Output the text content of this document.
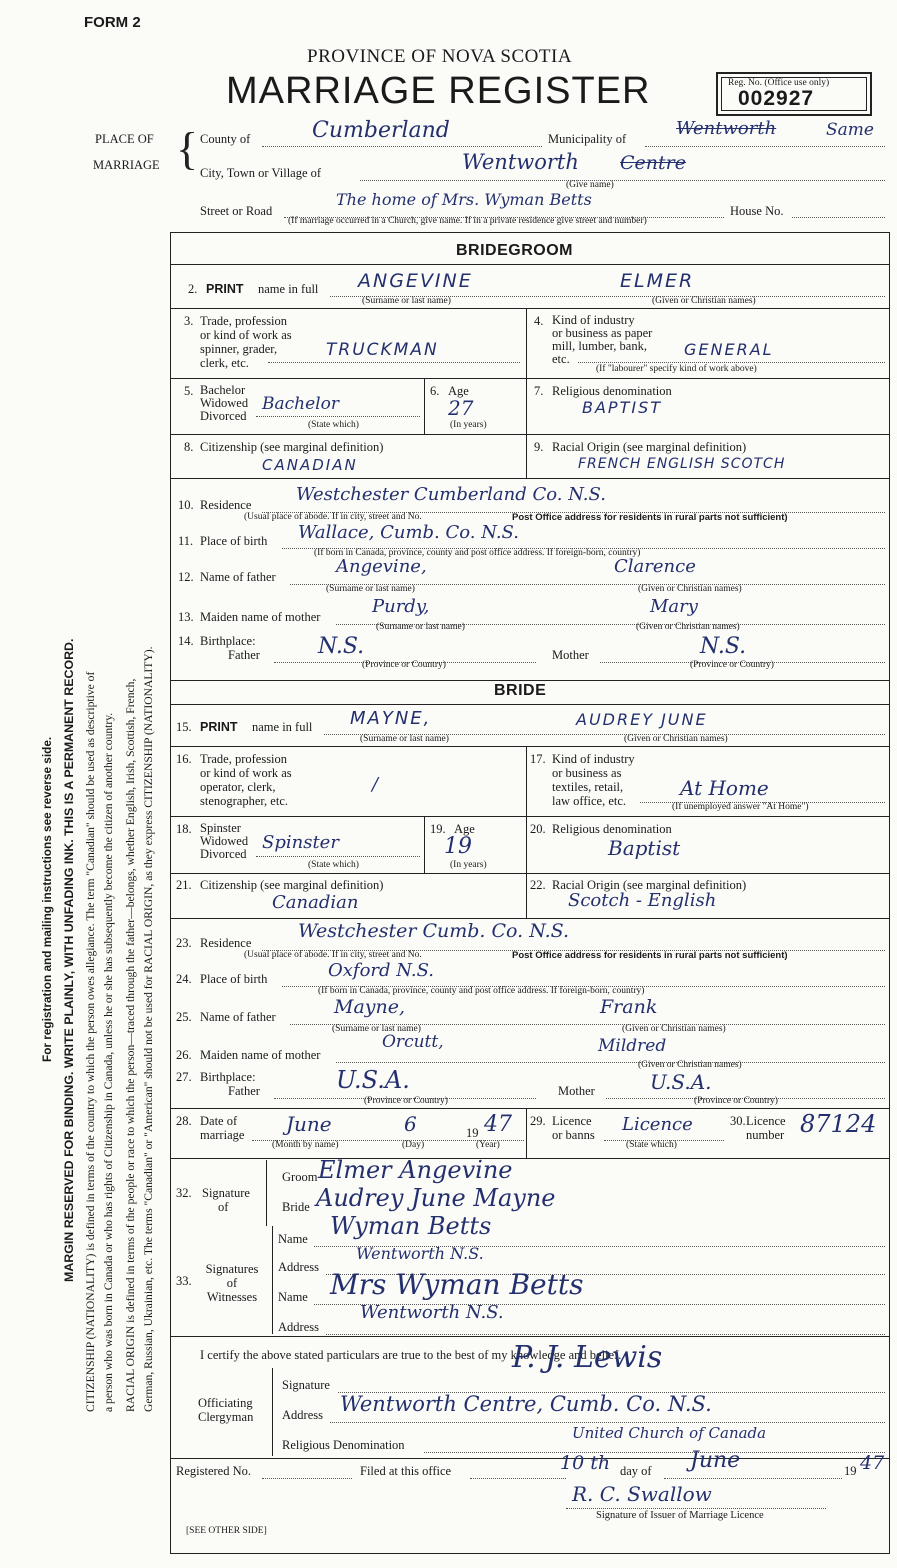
For registration and mailing instructions see reverse side. MARGIN RESERVED FOR BINDING. WRITE PLAINLY, WITH UNFADING INK. THIS IS A PERMANENT RECORD. CITIZENSHIP (NATIONALITY) is defined in terms of the country to which the person owes allegiance. The term "Canadian" should be used as descriptive of a person who was born in Canada or who has rights of Citizenship in Canada, unless he or she has subsequently become the citizen of another country. RACIAL ORIGIN is defined in terms of the people or race to which the person—traced through the father—belongs, whether English, Irish, Scottish, French, German, Russian, Ukrainian, etc. The terms "Canadian" or "American" should not be used for RACIAL ORIGIN, as they express CITIZENSHIP (NATIONALITY).
FORM 2
PROVINCE OF NOVA SCOTIA
MARRIAGE REGISTER	Reg. No. (Office use only)
002927
PLACE OF
MARRIAGE { County of	Cumberland	Municipality of	Wentworth	Same
City, Town or Village of	Wentworth Centre
(Give name)
Street or Road
The home of Mrs. Wyman Betts
House No.
(If marriage occurred in a Church, give name. If in a private residence give street and number)
BRIDEGROOM
2. PRINT name in full ANGEVINE	ELMER
(Surname or last name)	(Given or Christian names)
3. Trade, profession
or kind of work as
spinner, grader,
clerk, etc.
TRUCKMAN
4. Kind of industry
or business as paper
mill, lumber, bank,
etc.	GENERAL
(If "labourer" specify kind of work above)
5. Bachelor
Widowed
Divorced
Bachelor
(State which)
6. Age
27
(In years)
7. Religious denomination
BAPTIST
8. Citizenship (see marginal definition)
CANADIAN
9. Racial Origin (see marginal definition)
FRENCH ENGLISH SCOTCH
10. Residence Westchester Cumberland Co. N.S.
(Usual place of abode. If in city, street and No.	Post Office address for residents in rural parts not sufficient)
11. Place of birth Wallace, Cumb. Co. N.S.
(If born in Canada, province, county and post office address. If foreign-born, country)
12. Name of father	Angevine,	Clarence
(Surname or last name)	(Given or Christian names)
13. Maiden name of mother	Purdy,	Mary
(Surname or last name)	(Given or Christian names)
14. Birthplace:
Father	N.S.	Mother	N.S.
(Province or Country)	(Province or Country)
BRIDE
15. PRINT name in full MAYNE,	AUDREY JUNE
(Surname or last name)	(Given or Christian names)
16. Trade, profession
or kind of work as
operator, clerk,
stenographer, etc.
/
17. Kind of industry
or business as
textiles, retail,
law office, etc.
At Home
(If unemployed answer "At Home")
18. Spinster
Widowed
Divorced
Spinster
(State which)
19. Age
19
(In years)
20. Religious denomination
Baptist
21. Citizenship (see marginal definition)
Canadian
22. Racial Origin (see marginal definition)
Scotch - English
23. Residence
Westchester Cumb. Co. N.S.
(Usual place of abode. If in city, street and No.	Post Office address for residents in rural parts not sufficient)
24. Place of birth	Oxford N.S.
(If born in Canada, province, county and post office address. If foreign-born, country)
25. Name of father	Mayne,	Frank
(Surname or last name)	(Given or Christian names)
26. Maiden name of mother
Orcutt,	Mildred
(Given or Christian names)
27. Birthplace:
Father	U.S.A.	Mother	U.S.A.
(Province or Country)	(Province or Country)
28. Date of
marriage June	6	19 47
(Month by name)	(Day)	(Year)
29. Licence
or banns Licence
(State which)
30. Licence
number 87124
32. Signature
of
Groom Elmer Angevine
Bride Audrey June Mayne
33.
Signatures
of
Witnesses
Name Wyman Betts
Address
Wentworth N.S.
Name Mrs Wyman Betts
Address
Wentworth N.S.
I certify the above stated particulars are true to the best of my knowledge and belief.
Officiating
Clergyman
Signature
P. J. Lewis
Address Wentworth Centre, Cumb. Co. N.S.
Religious Denomination
United Church of Canada
Registered No.	Filed at this office	10 th day of June	19 47
R. C. Swallow
Signature of Issuer of Marriage Licence
[SEE OTHER SIDE]
